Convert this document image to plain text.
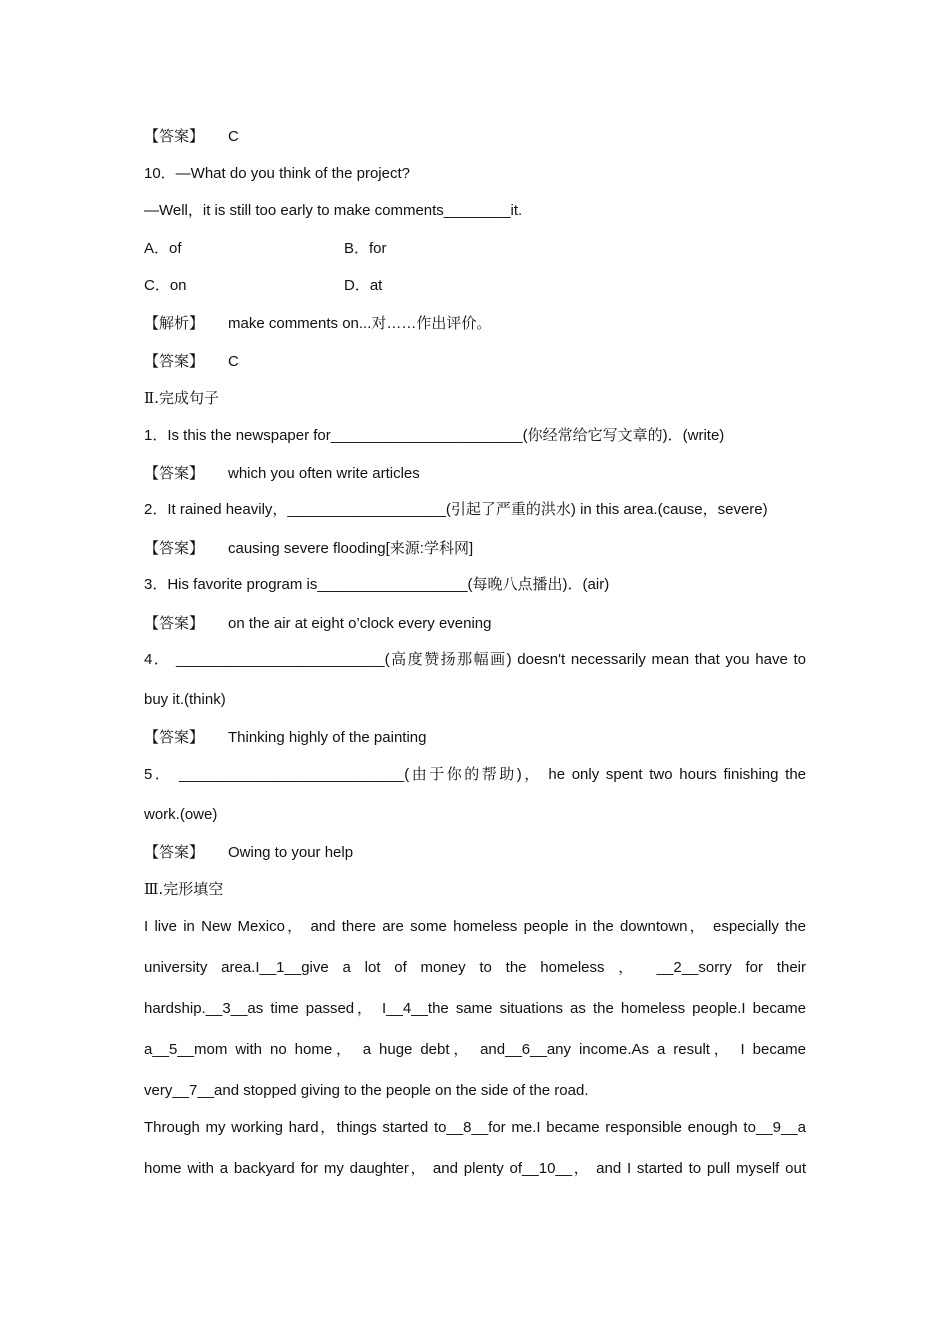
【答案】 C
10．—What do you think of the project?
—Well，it is still too early to make comments________it.
A．of	B．for
C．on	D．at
【解析】 make comments on...对……作出评价。
【答案】 C
Ⅱ.完成句子
1．Is this the newspaper for_______________________(你经常给它写文章的)．(write)
【答案】 which you often write articles
2．It rained heavily，___________________(引起了严重的洪水) in this area.(cause，severe)
【答案】 causing severe flooding[来源:学科网]
3．His favorite program is__________________(每晚八点播出)．(air)
【答案】 on the air at eight o’clock every evening
4． _________________________(高度赞扬那幅画) doesn't necessarily mean that you have to
buy it.(think)
【答案】 Thinking highly of the painting
5． ___________________________(由于你的帮助)， he only spent two hours finishing the
work.(owe)
【答案】 Owing to your help
Ⅲ.完形填空
I live in New Mexico， and there are some homeless people in the downtown， especially the
university area.I__1__give a lot of money to the homeless ， __2__sorry for their
hardship.__3__as time passed， I__4__the same situations as the homeless people.I became
a__5__mom with no home， a huge debt， and__6__any income.As a result， I became
very__7__and stopped giving to the people on the side of the road.
Through my working hard，things started to__8__for me.I became responsible enough to__9__a
home with a backyard for my daughter， and plenty of__10__， and I started to pull myself out
